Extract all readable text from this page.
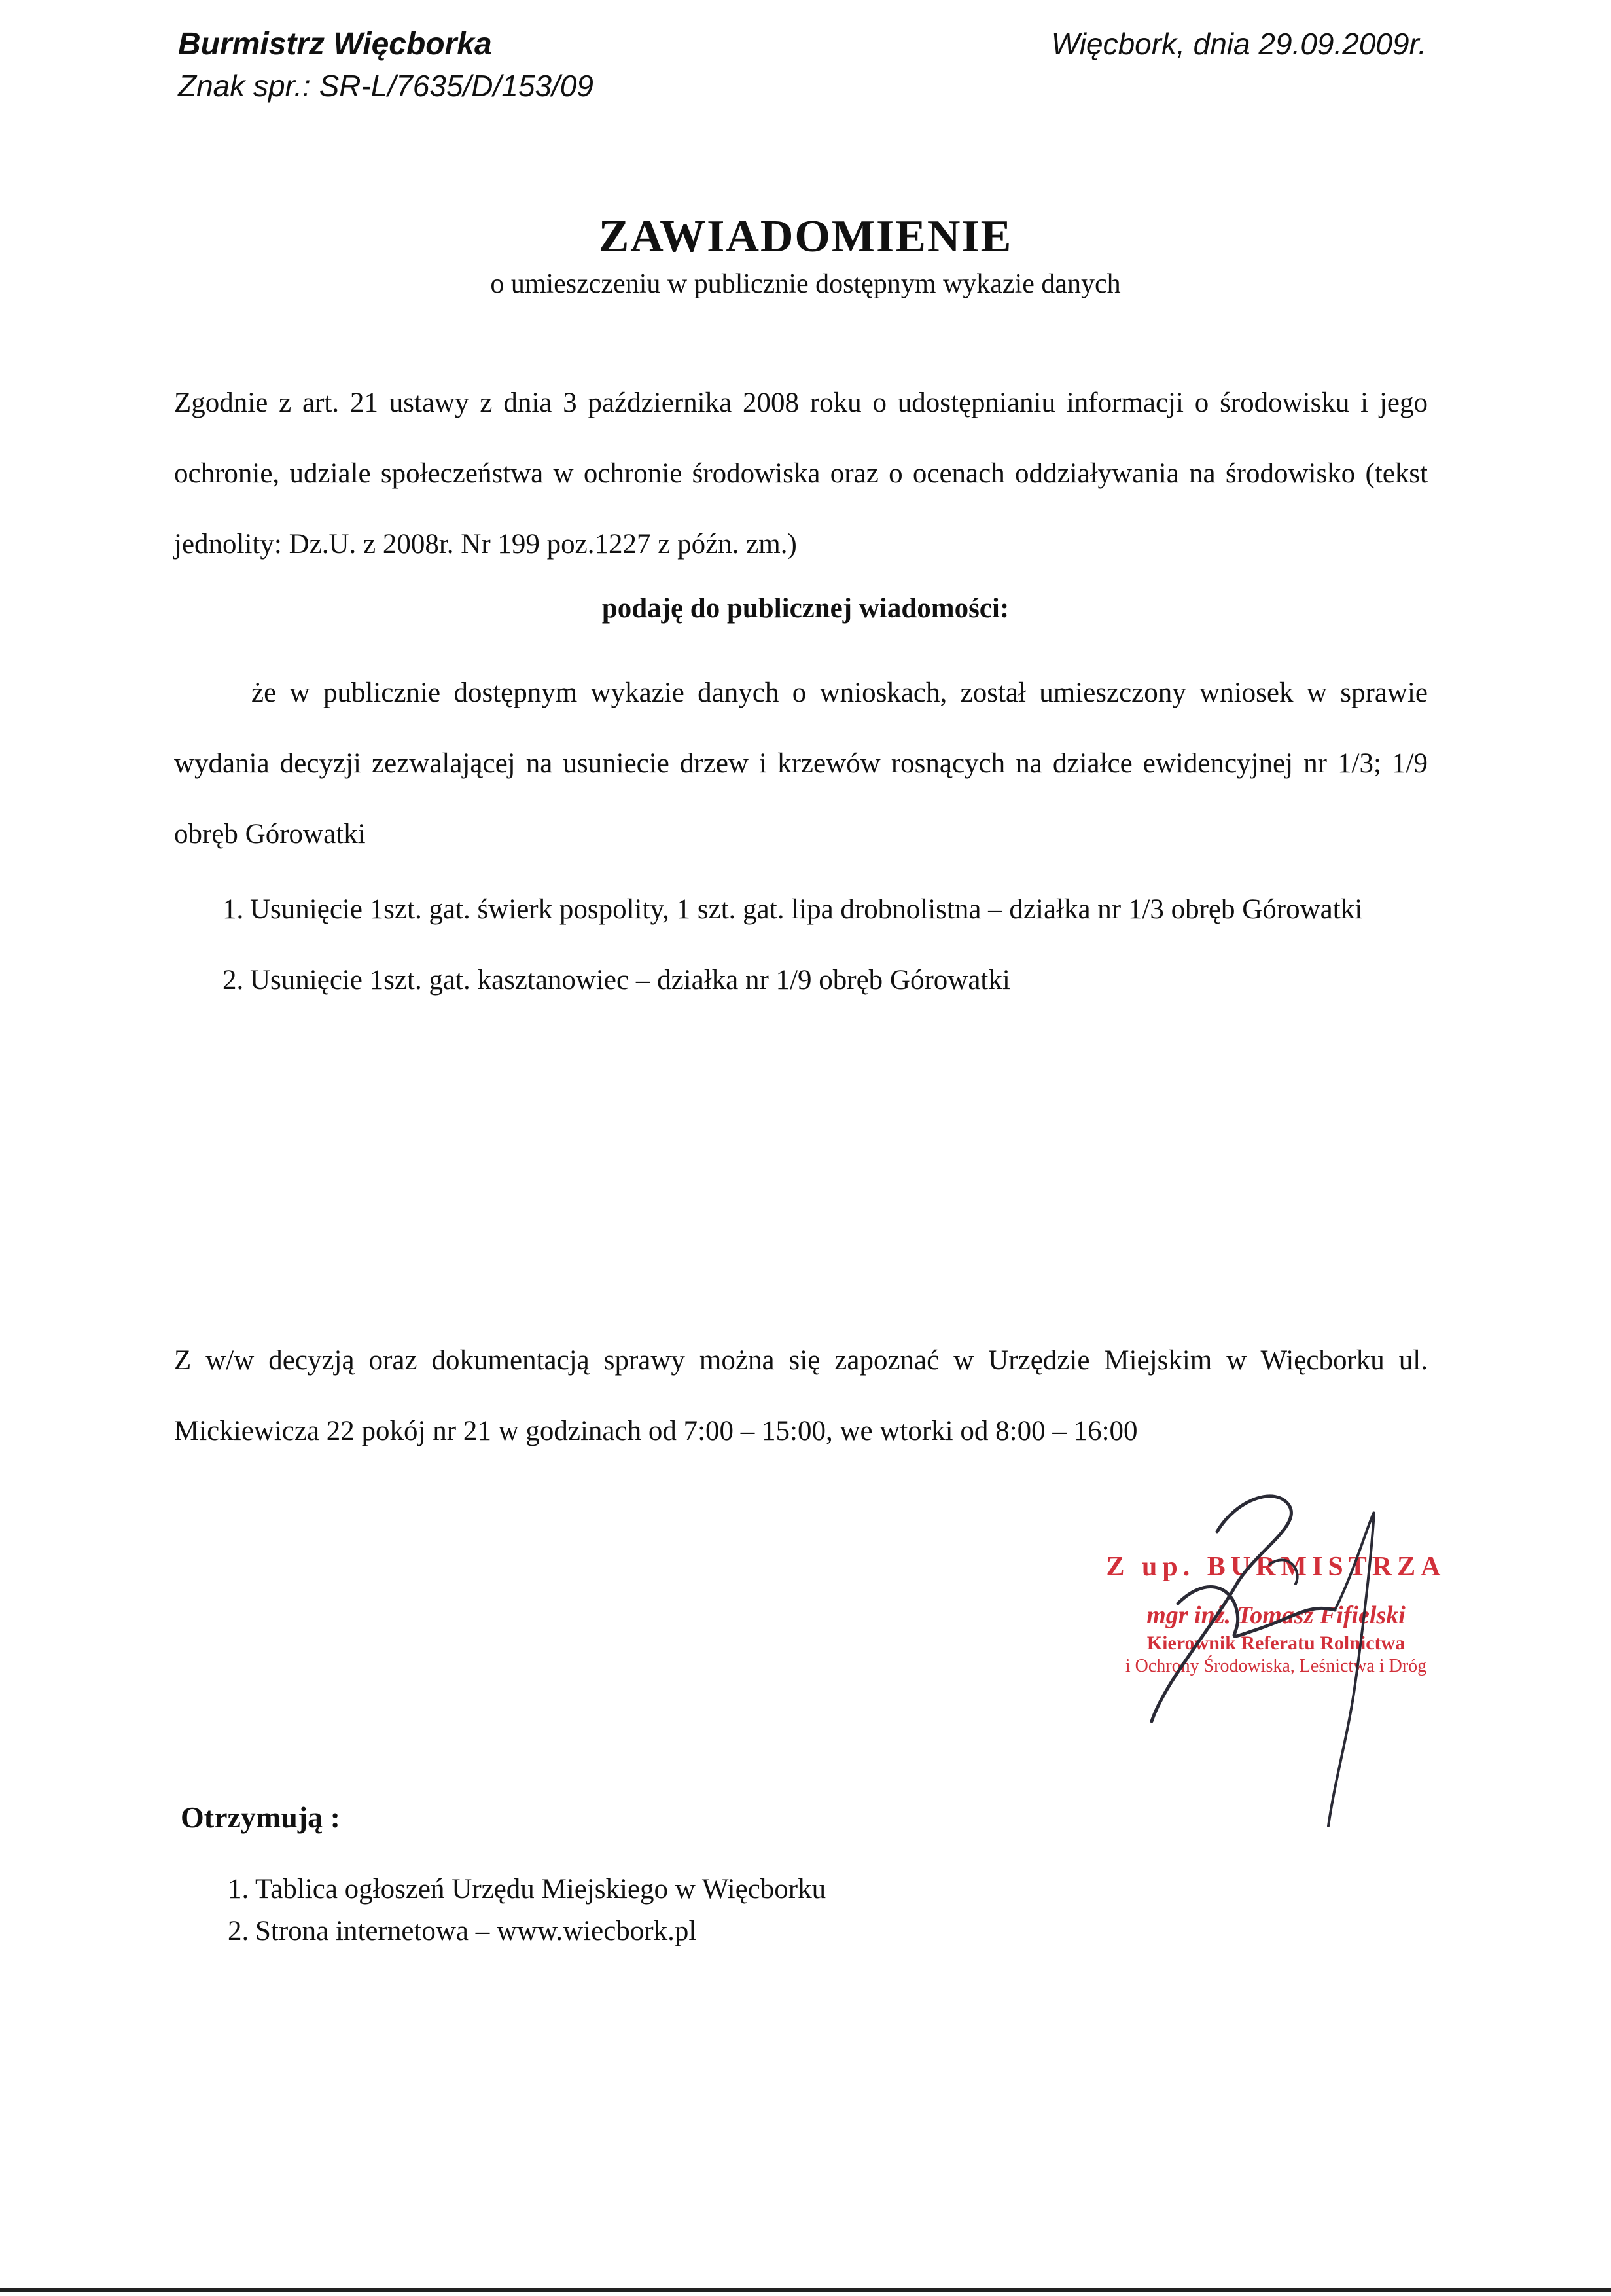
Burmistrz Więcborka
Znak spr.: SR-L/7635/D/153/09
Więcbork, dnia 29.09.2009r.
ZAWIADOMIENIE
o umieszczeniu w publicznie dostępnym wykazie danych
Zgodnie z art. 21 ustawy z dnia 3 października 2008 roku o udostępnianiu informacji o środowisku i jego ochronie, udziale społeczeństwa w ochronie środowiska oraz o ocenach oddziaływania na środowisko (tekst jednolity: Dz.U. z 2008r. Nr 199 poz.1227 z późn. zm.)
podaję do publicznej wiadomości:
że w publicznie dostępnym wykazie danych o wnioskach, został umieszczony wniosek w sprawie wydania decyzji zezwalającej na usuniecie drzew i krzewów rosnących na działce ewidencyjnej nr 1/3; 1/9 obręb Górowatki
1. Usunięcie 1szt. gat. świerk pospolity, 1 szt. gat. lipa drobnolistna – działka nr 1/3 obręb Górowatki
2. Usunięcie 1szt. gat. kasztanowiec – działka nr 1/9 obręb Górowatki
Z w/w decyzją oraz dokumentacją sprawy można się zapoznać w Urzędzie Miejskim w Więcborku ul. Mickiewicza 22 pokój nr 21 w godzinach od 7:00 – 15:00, we wtorki od 8:00 – 16:00
Z up. BURMISTRZA
mgr inż. Tomasz Fifielski
Kierownik Referatu Rolnictwa
i Ochrony Środowiska, Leśnictwa i Dróg
Otrzymują :
1. Tablica ogłoszeń Urzędu Miejskiego w Więcborku
2. Strona internetowa – www.wiecbork.pl
